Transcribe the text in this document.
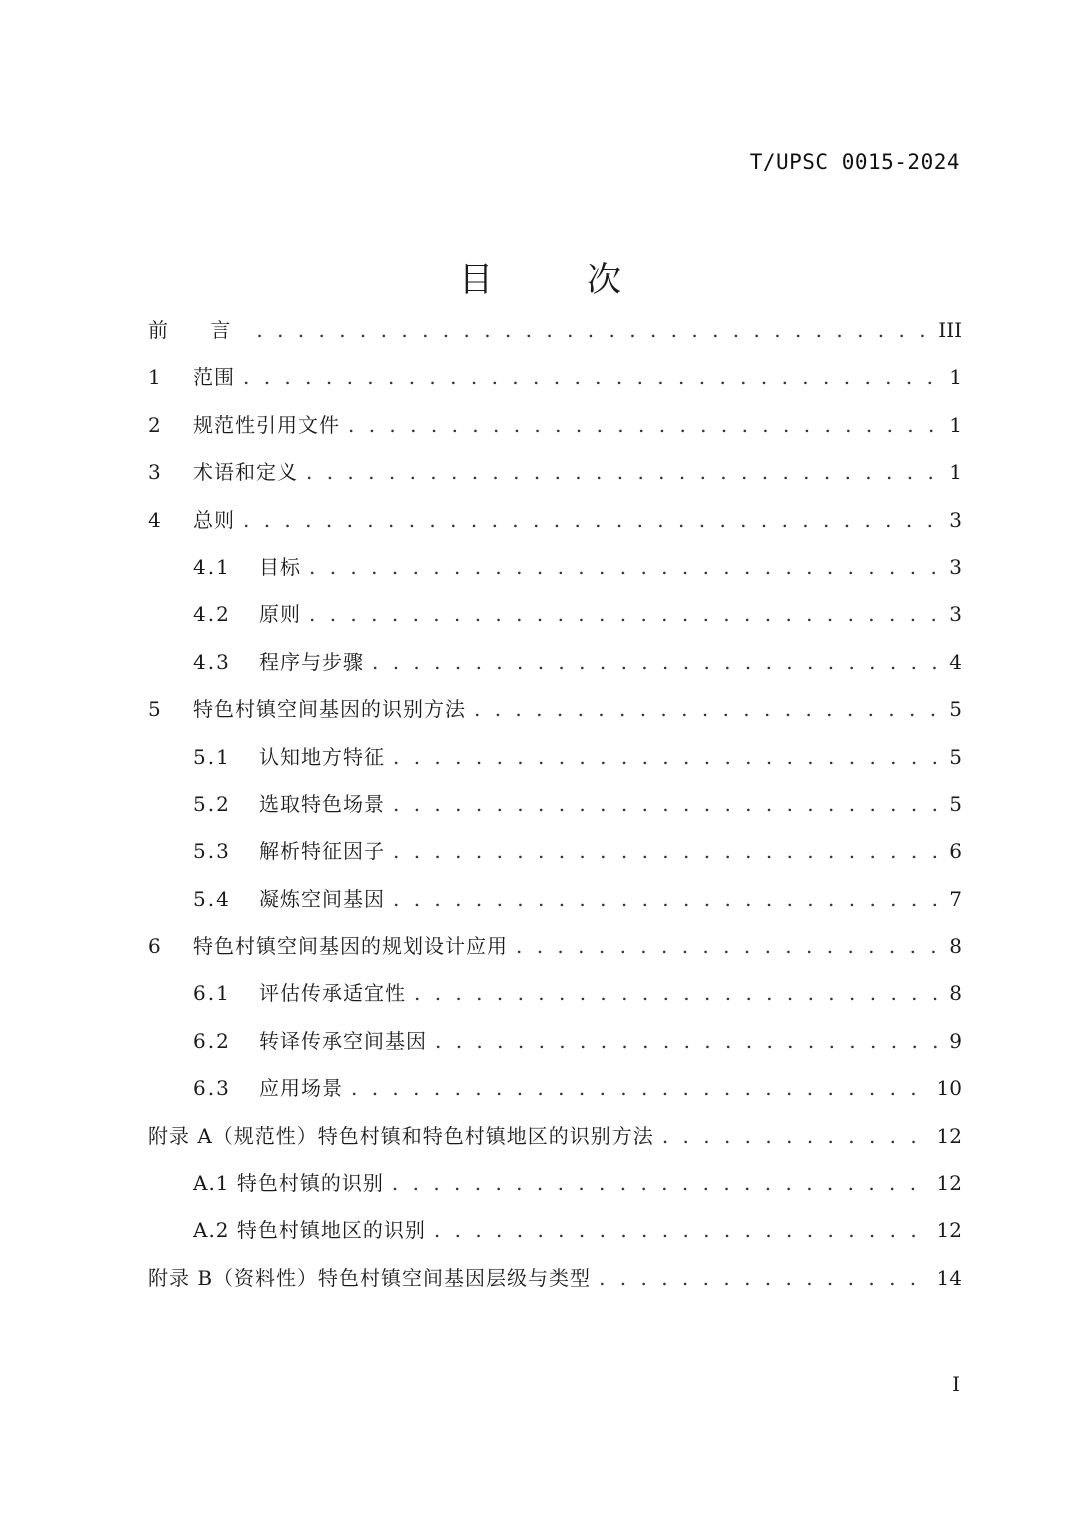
T/UPSC 0015-2024
目　次
前 言 . . .	III
1	范围 . . .	1
2	规范性引用文件 . . .	1
3	术语和定义 . . .	1
4	总则 . . .	3
4.1	目标 . . .	3
4.2	原则 . . .	3
4.3	程序与步骤 . . .	4
5	特色村镇空间基因的识别方法 . . .	5
5.1	认知地方特征 . . .	5
5.2	选取特色场景 . . .	5
5.3	解析特征因子 . . .	6
5.4	凝炼空间基因 . . .	7
6	特色村镇空间基因的规划设计应用 . . .	8
6.1	评估传承适宜性 . . .	8
6.2	转译传承空间基因 . . .	9
6.3	应用场景 . . .	10
附录 A（规范性）特色村镇和特色村镇地区的识别方法 . . .	12
A.1 特色村镇的识别 . . .	12
A.2 特色村镇地区的识别 . . .	12
附录 B（资料性）特色村镇空间基因层级与类型 . . .	14
I
